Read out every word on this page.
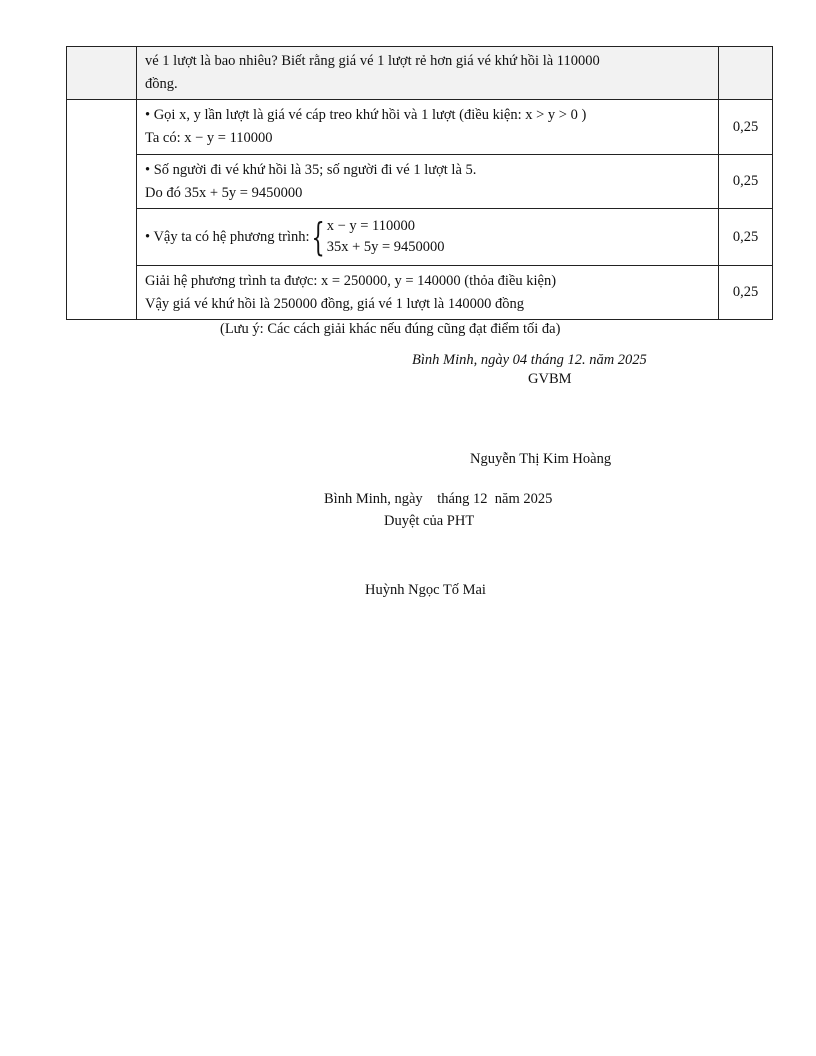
	vé 1 lượt là bao nhiêu? Biết rằng giá vé 1 lượt rẻ hơn giá vé khứ hồi là 110000
đồng.	

	• Gọi x, y lần lượt là giá vé cáp treo khứ hồi và 1 lượt (điều kiện: x > y > 0 )
Ta có: x − y = 110000	0,25

	• Số người đi vé khứ hồi là 35; số người đi vé 1 lượt là 5.
Do đó 35x + 5y = 9450000	0,25

	• Vậy ta có hệ phương trình: { x − y = 110000
35x + 5y = 9450000	0,25

	Giải hệ phương trình ta được: x = 250000, y = 140000 (thỏa điều kiện)
Vậy giá vé khứ hồi là 250000 đồng, giá vé 1 lượt là 140000 đồng	0,25
(Lưu ý: Các cách giải khác nếu đúng cũng đạt điểm tối đa)
Bình Minh, ngày 04 tháng 12. năm 2025
GVBM
Nguyễn Thị Kim Hoàng
Bình Minh, ngày    tháng 12  năm 2025
Duyệt của PHT
Huỳnh Ngọc Tố Mai
